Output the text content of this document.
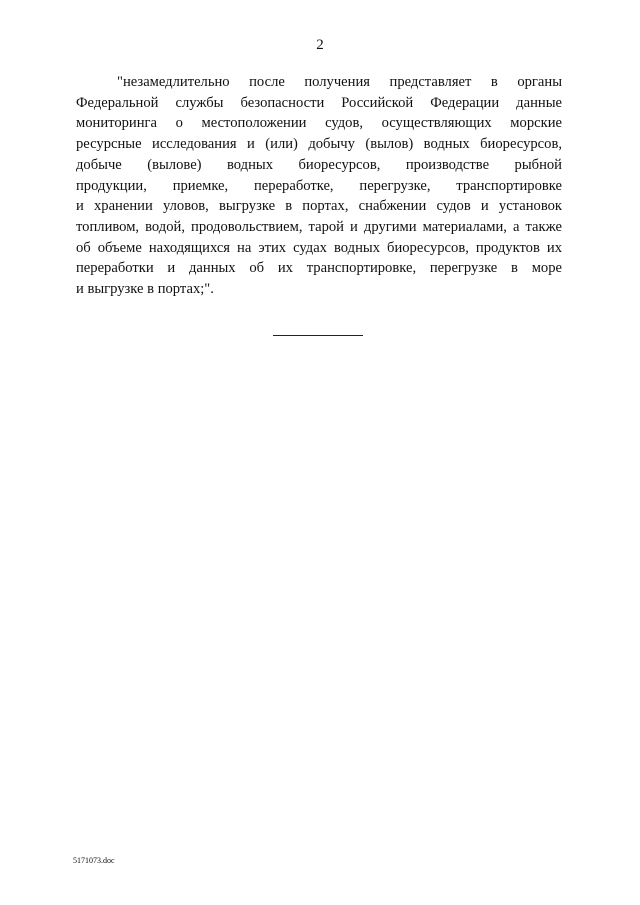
2
"незамедлительно после получения представляет в органы
Федеральной службы безопасности Российской Федерации данные
мониторинга о местоположении судов, осуществляющих морские
ресурсные исследования и (или) добычу (вылов) водных биоресурсов,
добыче (вылове) водных биоресурсов, производстве рыбной
продукции, приемке, переработке, перегрузке, транспортировке
и хранении уловов, выгрузке в портах, снабжении судов и установок
топливом, водой, продовольствием, тарой и другими материалами, а также
об объеме находящихся на этих судах водных биоресурсов, продуктов их
переработки и данных об их транспортировке, перегрузке в море
и выгрузке в портах;".
5171073.doc
